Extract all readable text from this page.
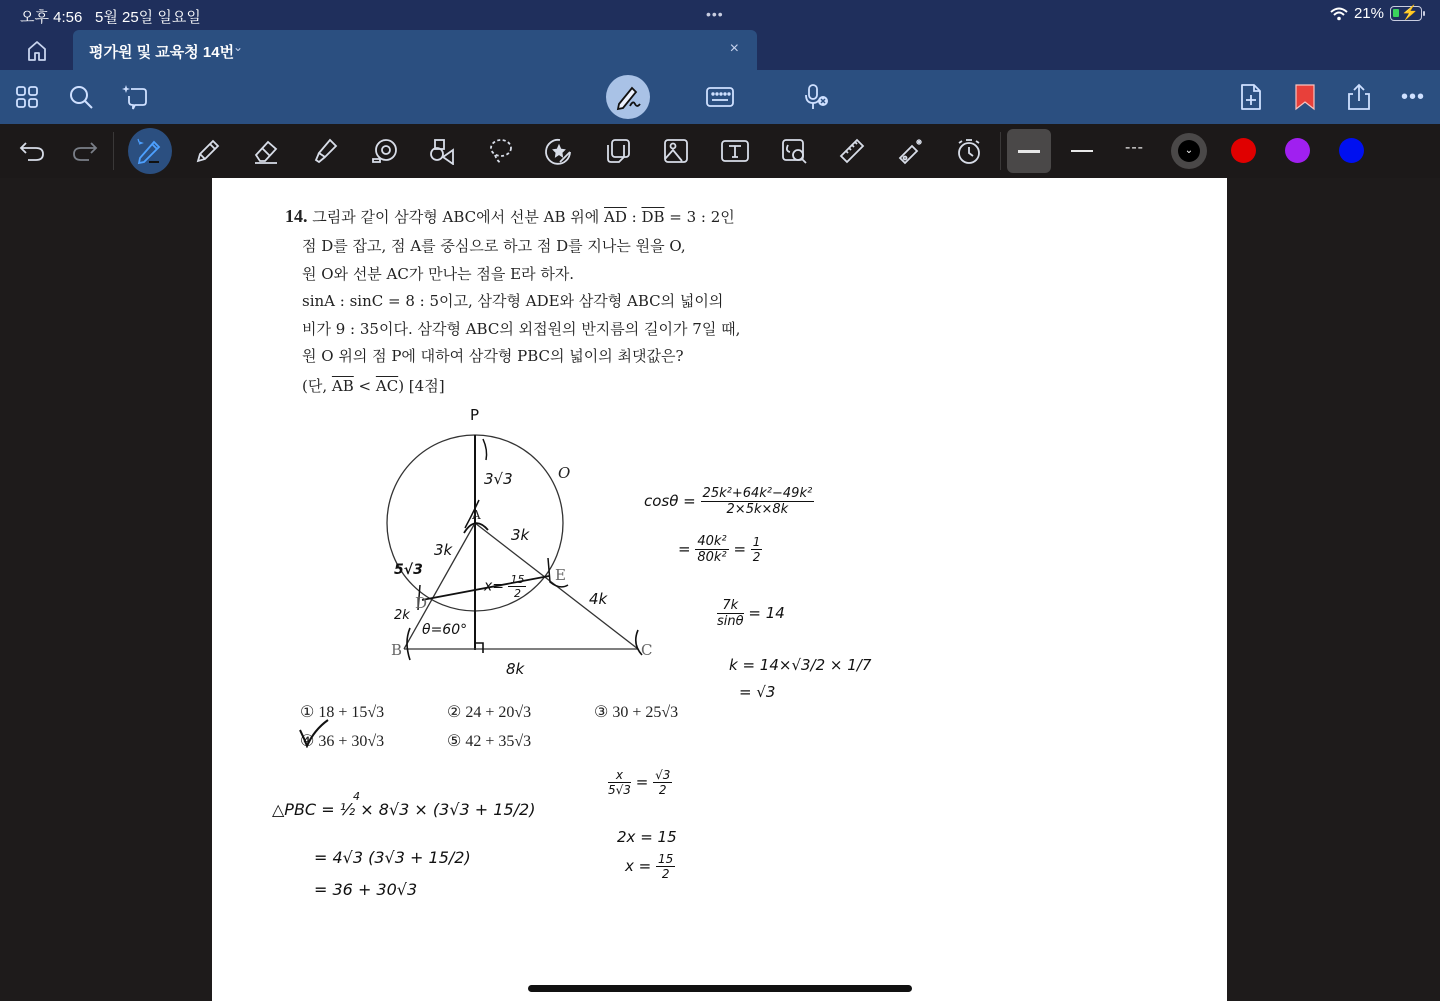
오후 4:56 5월 25일 일요일	•••	21% ⚡
평가원 및 교육청 14번
⌄	×
•••
---	⌄
14. 그림과 같이 삼각형 ABC에서 선분 AB 위에 $\overline{AD}$ : $\overline{DB} = 3$ : 2인
점 D를 잡고, 점 A를 중심으로 하고 점 D를 지나는 원을 O,
원 O와 선분 AC가 만나는 점을 E라 하자.
sinA : sinC = 8 : 5이고, 삼각형 ADE와 삼각형 ABC의 넓이의
비가 9 : 35이다. 삼각형 ABC의 외접원의 반지름의 길이가 7일 때,
원 O 위의 점 P에 대하여 삼각형 PBC의 넓이의 최댓값은?
(단, $\overline{AB} < \overline{AC}$) [4점]
P
O
A
B	C
D
E
3√3
3k
3k
5√3
2k
4k
8k
θ=60°
$x= \frac{15}{2}$
$\cos\theta = \frac{\text{25k²+64k²−49k²}}{2\times 5k\times 8k}$
= $\frac{\text{40k²}}{\text{80k²}} = \frac{1}{2}$
$\frac{7k}{\sin\theta} = 14$
k = 14×√3/2 × 1/7
= √3
① 18 + 15√3	② 24 + 20√3	③ 30 + 25√3
④ 36 + 30√3	⑤ 42 + 35√3
△PBC = ½ × 8√3 × (3√3 + 15/2)
4
= 4√3 (3√3 + 15/2)
= 36 + 30√3
$\frac{x}{5√3} = \frac{√3}{2}$
2x = 15
$x = \frac{15}{2}$
